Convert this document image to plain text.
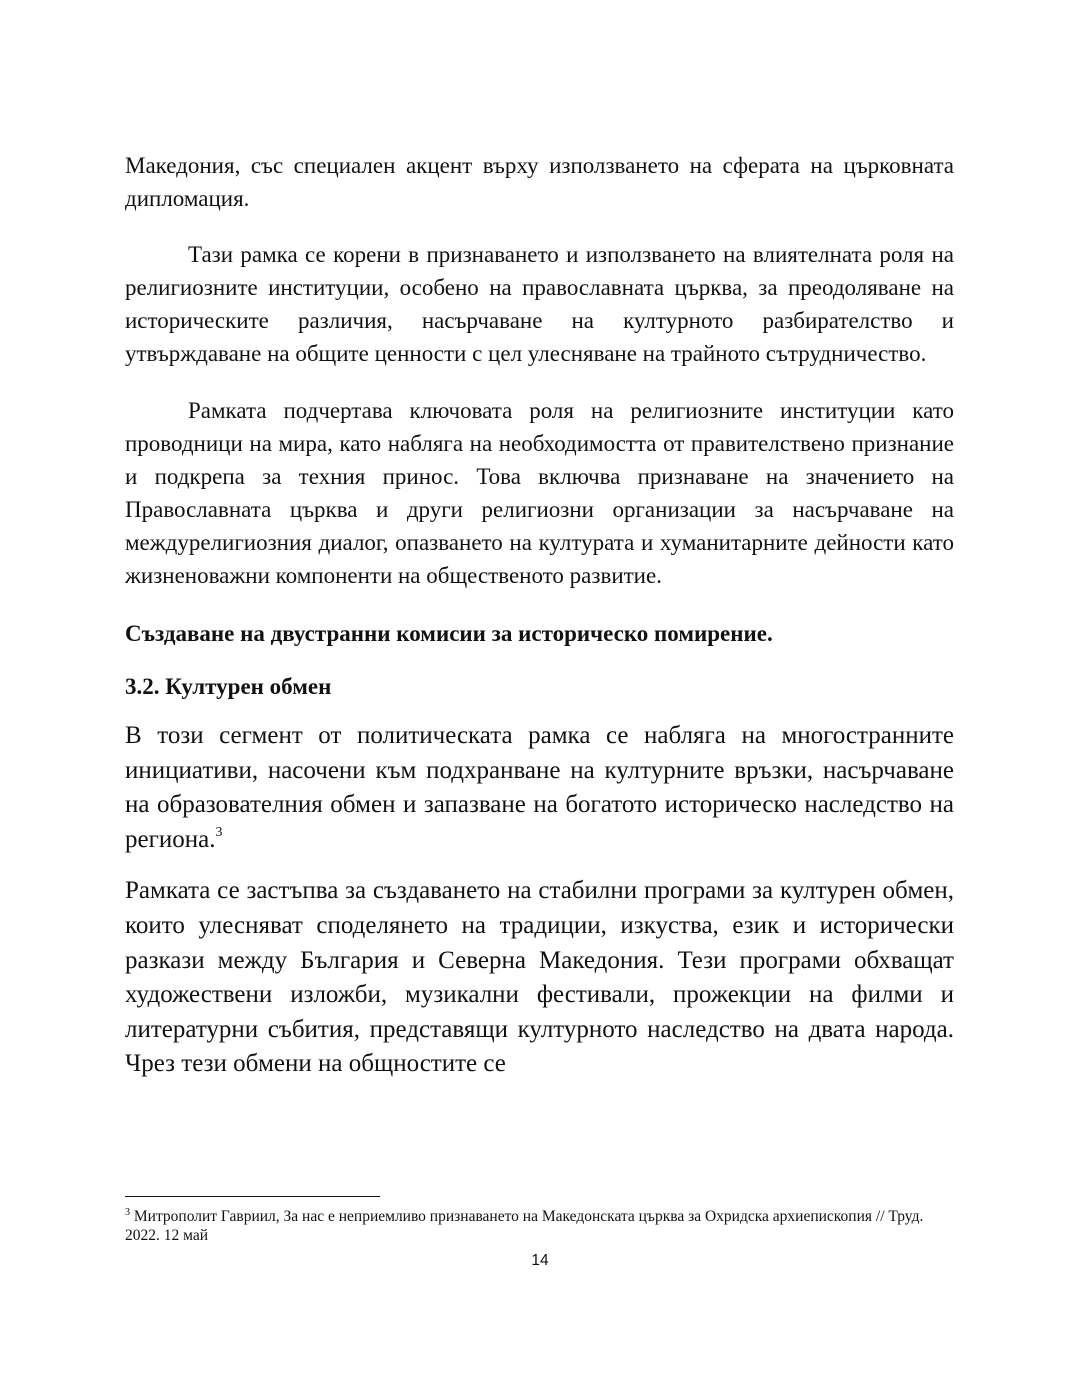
Македония, със специален акцент върху използването на сферата на църковната дипломация.

Тази рамка се корени в признаването и използването на влиятелната роля на религиозните институции, особено на православната църква, за преодоляване на историческите различия, насърчаване на културното разбирателство и утвърждаване на общите ценности с цел улесняване на трайното сътрудничество.

Рамката подчертава ключовата роля на религиозните институции като проводници на мира, като набляга на необходимостта от правителствено признание и подкрепа за техния принос. Това включва признаване на значението на Православната църква и други религиозни организации за насърчаване на междурелигиозния диалог, опазването на културата и хуманитарните дейности като жизненоважни компоненти на общественото развитие.

Създаване на двустранни комисии за историческо помирение.
3.2. Културен обмен

В този сегмент от политическата рамка се набляга на многостранните инициативи, насочени към подхранване на културните връзки, насърчаване на образователния обмен и запазване на богатото историческо наследство на региона.$^3$

Рамката се застъпва за създаването на стабилни програми за културен обмен, които улесняват споделянето на традиции, изкуства, език и исторически разкази между България и Северна Македония. Тези програми обхващат художествени изложби, музикални фестивали, прожекции на филми и литературни събития, представящи културното наследство на двата народа. Чрез тези обмени на общностите се

$^3$ Митрополит Гавриил, За нас е неприемливо признаването на Македонската църква за Охридска архиепископия // Труд. 2022. 12 май
14
